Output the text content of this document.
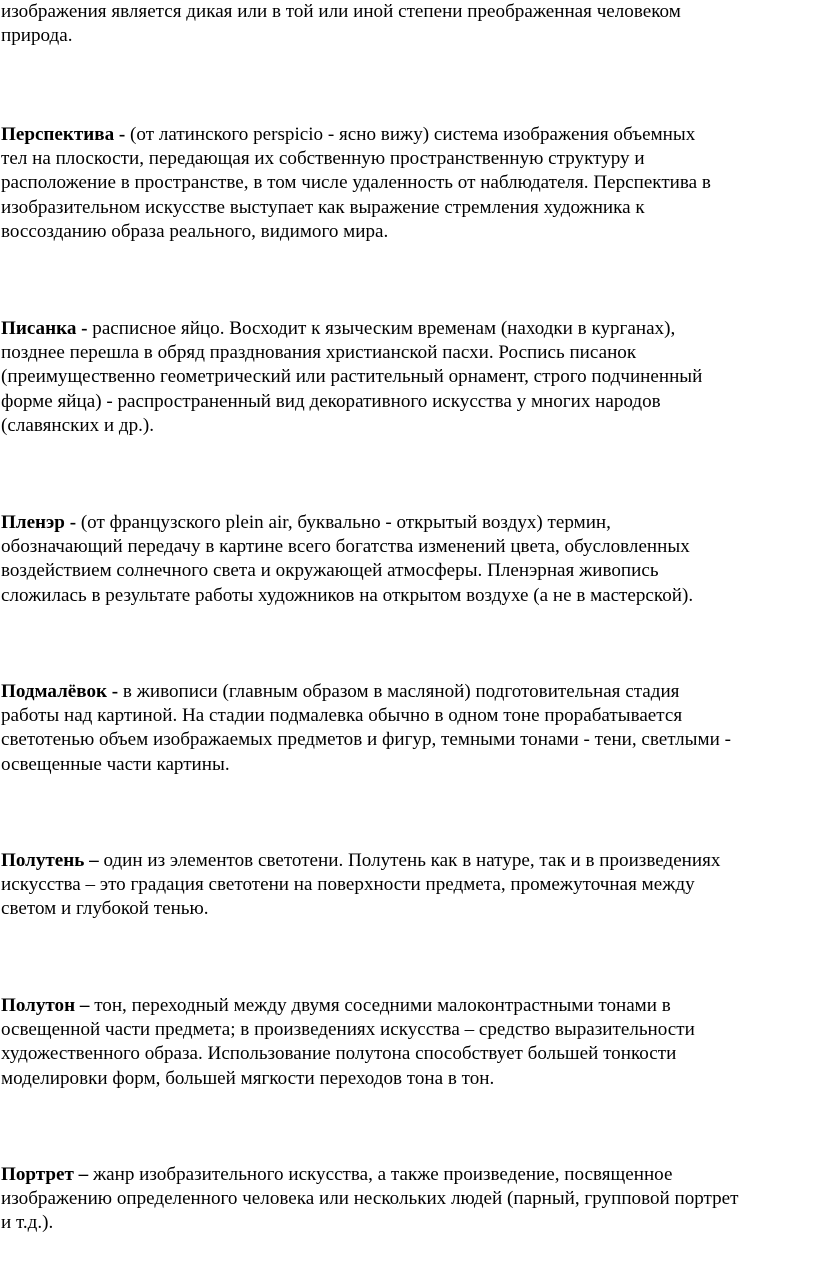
изображения является дикая или в той или иной степени преображенная человеком
природа.

Перспектива - (от латинского perspicio - ясно вижу) система изображения объемных
тел на плоскости, передающая их собственную пространственную структуру и
расположение в пространстве, в том числе удаленность от наблюдателя. Перспектива в
изобразительном искусстве выступает как выражение стремления художника к
воссозданию образа реального, видимого мира.

Писанка - расписное яйцо. Восходит к языческим временам (находки в курганах),
позднее перешла в обряд празднования христианской пасхи. Роспись писанок
(преимущественно геометрический или растительный орнамент, строго подчиненный
форме яйца) - распространенный вид декоративного искусства у многих народов
(славянских и др.).

Пленэр - (от французского plein air, буквально - открытый воздух) термин,
обозначающий передачу в картине всего богатства изменений цвета, обусловленных
воздействием солнечного света и окружающей атмосферы. Пленэрная живопись
сложилась в результате работы художников на открытом воздухе (а не в мастерской).

Подмалёвок - в живописи (главным образом в масляной) подготовительная стадия
работы над картиной. На стадии подмалевка обычно в одном тоне прорабатывается
светотенью объем изображаемых предметов и фигур, темными тонами - тени, светлыми -
освещенные части картины.

Полутень – один из элементов светотени. Полутень как в натуре, так и в произведениях
искусства – это градация светотени на поверхности предмета, промежуточная между
светом и глубокой тенью.

Полутон – тон, переходный между двумя соседними малоконтрастными тонами в
освещенной части предмета; в произведениях искусства – средство выразительности
художественного образа. Использование полутона способствует большей тонкости
моделировки форм, большей мягкости переходов тона в тон.

Портрет – жанр изобразительного искусства, а также произведение, посвященное
изображению определенного человека или нескольких людей (парный, групповой портрет
и т.д.).
